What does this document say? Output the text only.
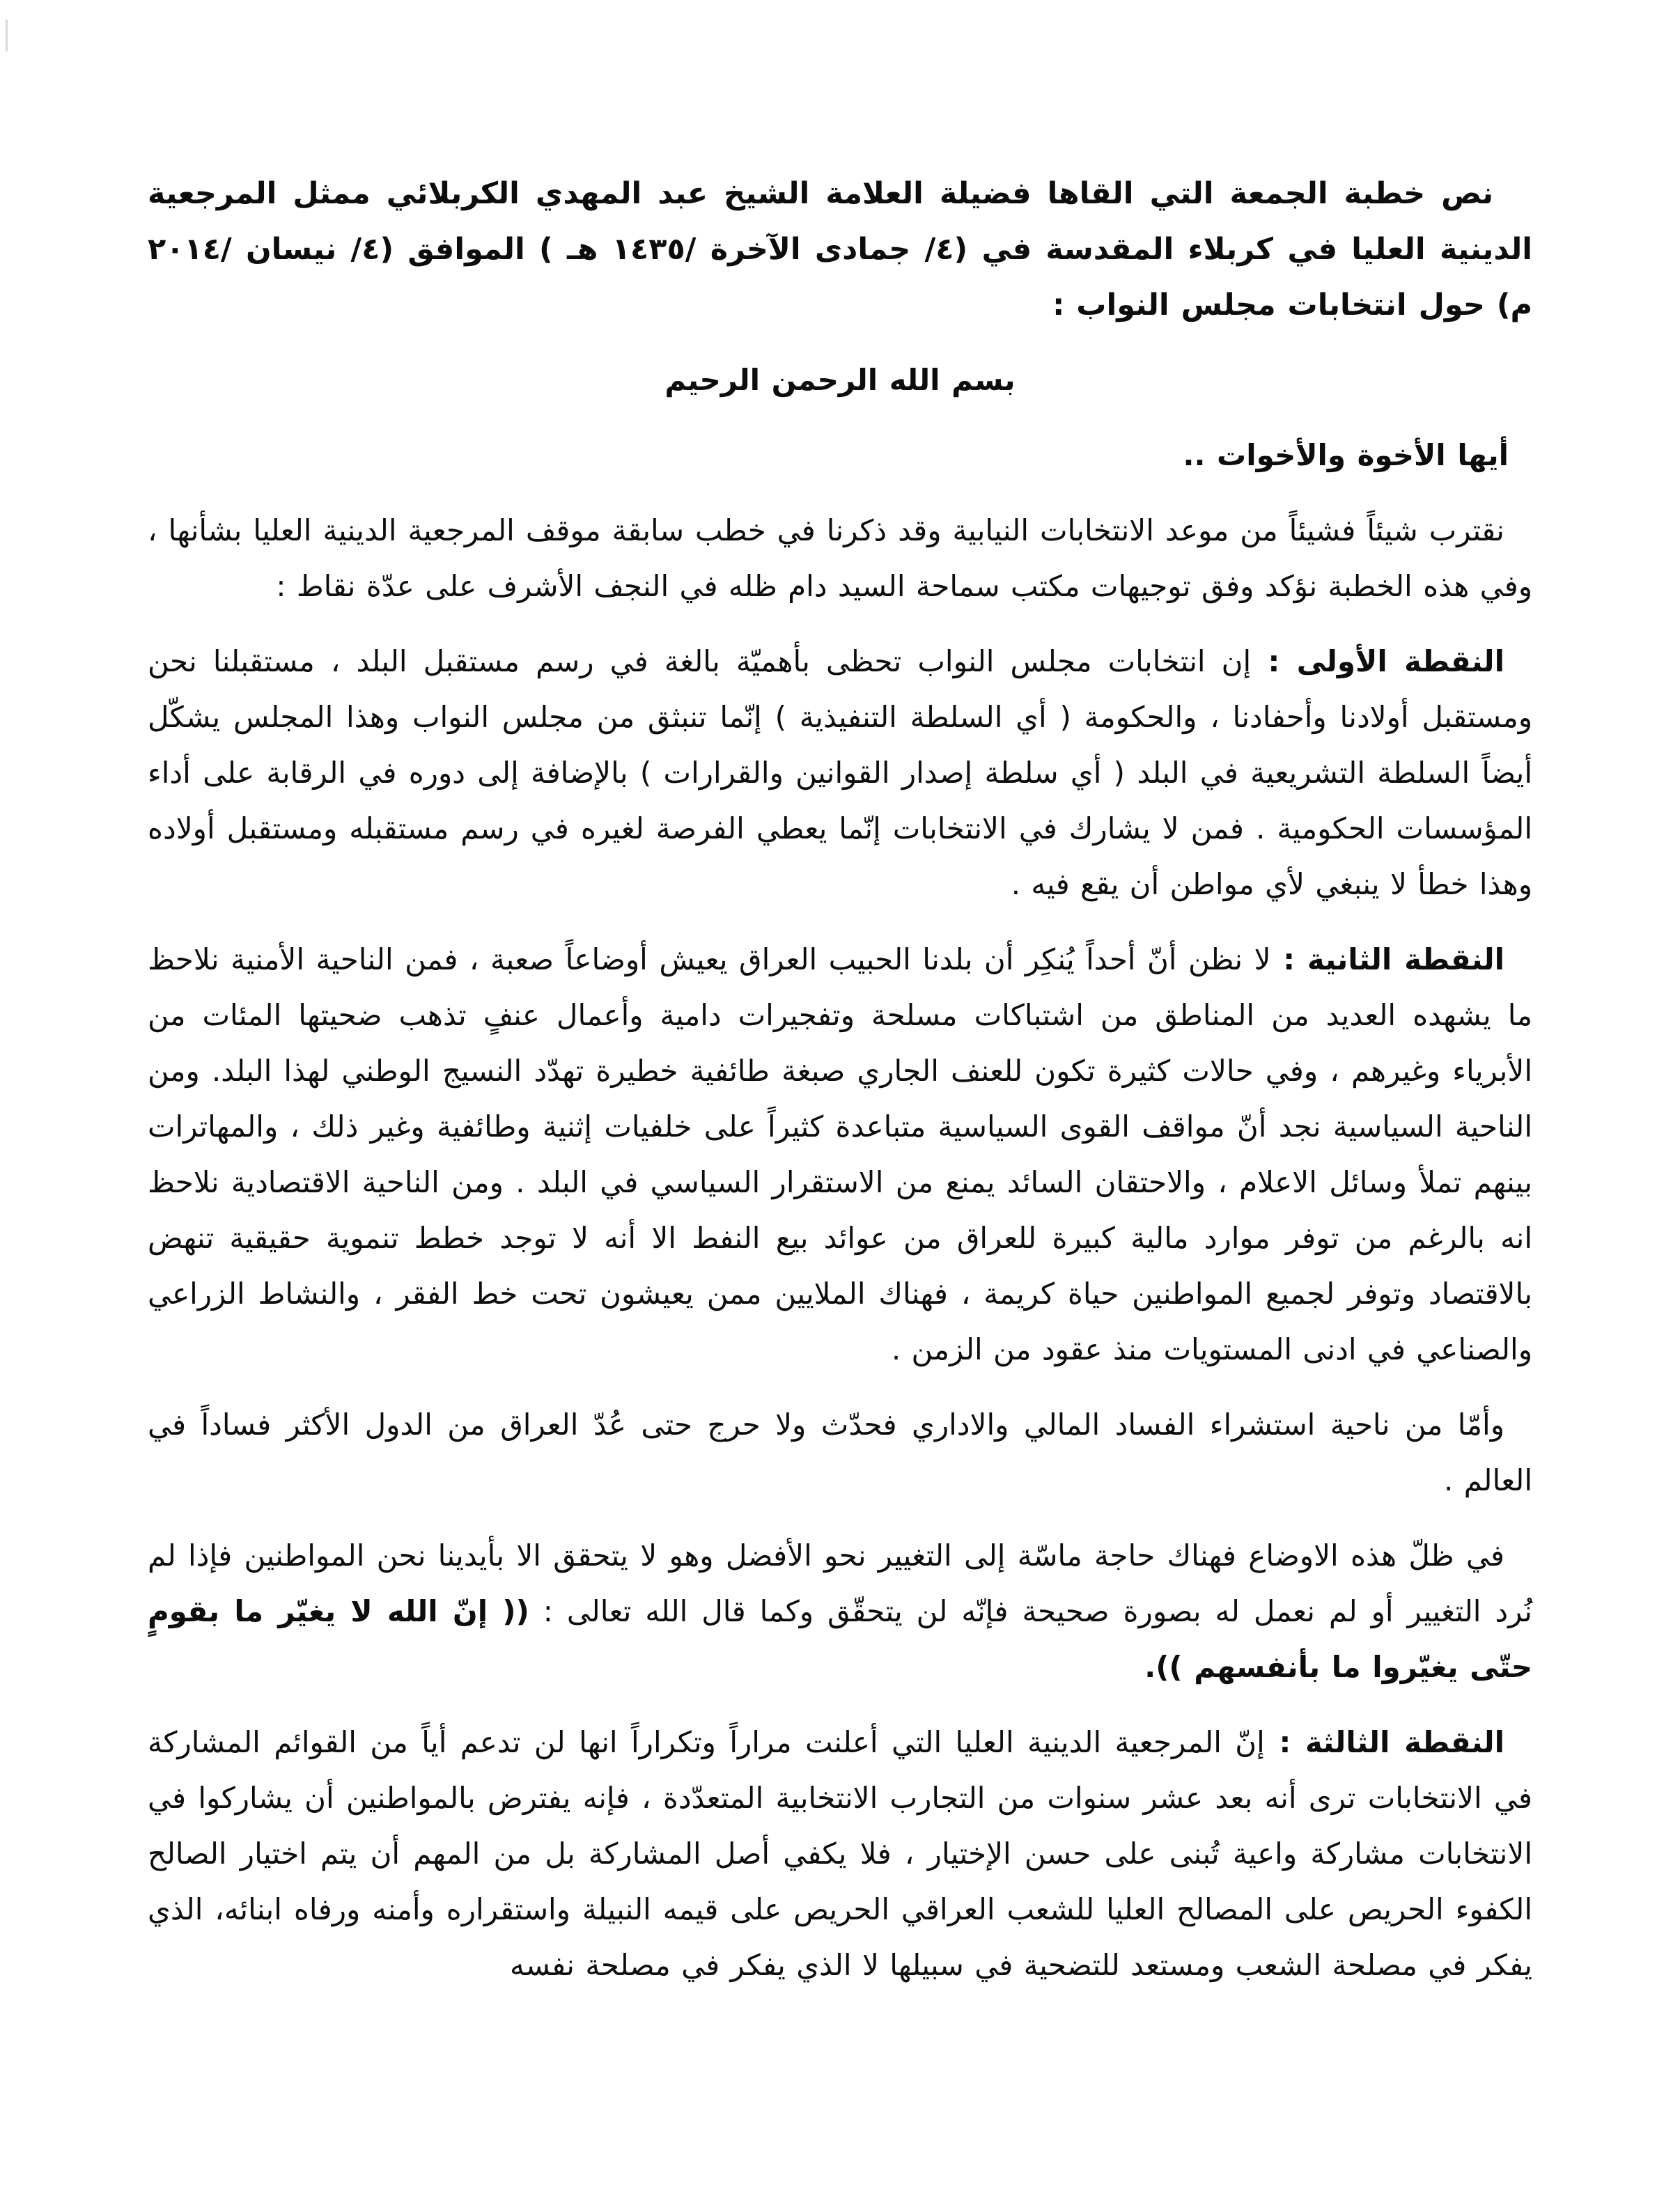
نص خطبة الجمعة التي القاها فضيلة العلامة الشيخ عبد المهدي الكربلائي ممثل المرجعية الدينية العليا في كربلاء المقدسة في (٤/ جمادى الآخرة /١٤٣٥ هـ ) الموافق (٤/ نيسان /٢٠١٤ م) حول انتخابات مجلس النواب :

بسم الله الرحمن الرحيم

أيها الأخوة والأخوات ..

نقترب شيئاً فشيئاً من موعد الانتخابات النيابية وقد ذكرنا في خطب سابقة موقف المرجعية الدينية العليا بشأنها ، وفي هذه الخطبة نؤكد وفق توجيهات مكتب سماحة السيد دام ظله في النجف الأشرف على عدّة نقاط :

النقطة الأولى : إن انتخابات مجلس النواب تحظى بأهميّة بالغة في رسم مستقبل البلد ، مستقبلنا نحن ومستقبل أولادنا وأحفادنا ، والحكومة ( أي السلطة التنفيذية ) إنّما تنبثق من مجلس النواب وهذا المجلس يشكّل أيضاً السلطة التشريعية في البلد ( أي سلطة إصدار القوانين والقرارات ) بالإضافة إلى دوره في الرقابة على أداء المؤسسات الحكومية . فمن لا يشارك في الانتخابات إنّما يعطي الفرصة لغيره في رسم مستقبله ومستقبل أولاده وهذا خطأ لا ينبغي لأي مواطن أن يقع فيه .

النقطة الثانية : لا نظن أنّ أحداً يُنكِر أن بلدنا الحبيب العراق يعيش أوضاعاً صعبة ، فمن الناحية الأمنية نلاحظ ما يشهده العديد من المناطق من اشتباكات مسلحة وتفجيرات دامية وأعمال عنفٍ تذهب ضحيتها المئات من الأبرياء وغيرهم ، وفي حالات كثيرة تكون للعنف الجاري صبغة طائفية خطيرة تهدّد النسيج الوطني لهذا البلد. ومن الناحية السياسية نجد أنّ مواقف القوى السياسية متباعدة كثيراً على خلفيات إثنية وطائفية وغير ذلك ، والمهاترات بينهم تملأ وسائل الاعلام ، والاحتقان السائد يمنع من الاستقرار السياسي في البلد . ومن الناحية الاقتصادية نلاحظ انه بالرغم من توفر موارد مالية كبيرة للعراق من عوائد بيع النفط الا أنه لا توجد خطط تنموية حقيقية تنهض بالاقتصاد وتوفر لجميع المواطنين حياة كريمة ، فهناك الملايين ممن يعيشون تحت خط الفقر ، والنشاط الزراعي والصناعي في ادنى المستويات منذ عقود من الزمن .

وأمّا من ناحية استشراء الفساد المالي والاداري فحدّث ولا حرج حتى عُدّ العراق من الدول الأكثر فساداً في العالم .

في ظلّ هذه الاوضاع فهناك حاجة ماسّة إلى التغيير نحو الأفضل وهو لا يتحقق الا بأيدينا نحن المواطنين فإذا لم نُرد التغيير أو لم نعمل له بصورة صحيحة فإنّه لن يتحقّق وكما قال الله تعالى : (( إنّ الله لا يغيّر ما بقومٍ حتّى يغيّروا ما بأنفسهم )).

النقطة الثالثة : إنّ المرجعية الدينية العليا التي أعلنت مراراً وتكراراً انها لن تدعم أياً من القوائم المشاركة في الانتخابات ترى أنه بعد عشر سنوات من التجارب الانتخابية المتعدّدة ، فإنه يفترض بالمواطنين أن يشاركوا في الانتخابات مشاركة واعية تُبنى على حسن الإختيار ، فلا يكفي أصل المشاركة بل من المهم أن يتم اختيار الصالح الكفوء الحريص على المصالح العليا للشعب العراقي الحريص على قيمه النبيلة واستقراره وأمنه ورفاه ابنائه، الذي يفكر في مصلحة الشعب ومستعد للتضحية في سبيلها لا الذي يفكر في مصلحة نفسه
